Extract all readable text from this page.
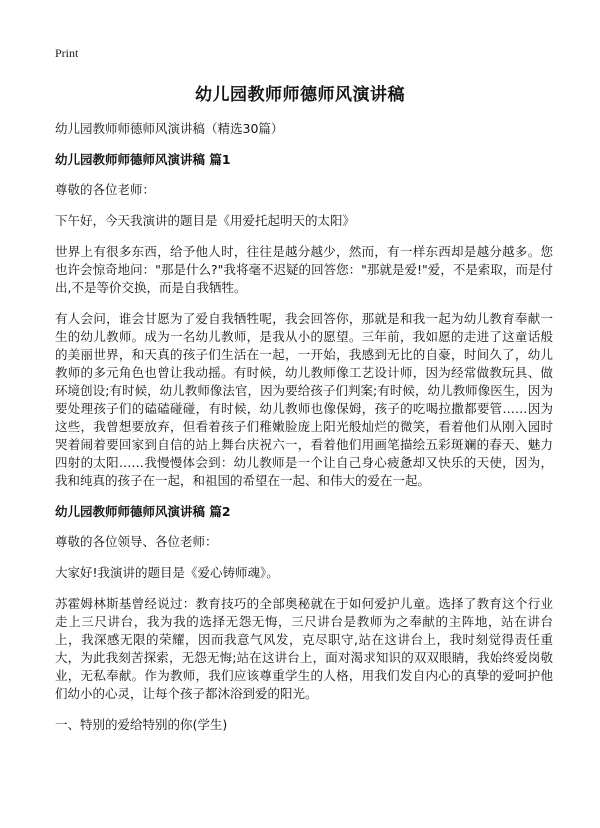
Print
幼儿园教师师德师风演讲稿

幼儿园教师师德师风演讲稿（精选30篇）

幼儿园教师师德师风演讲稿 篇1

尊敬的各位老师：

下午好，今天我演讲的题目是《用爱托起明天的太阳》

世界上有很多东西，给予他人时，往往是越分越少，然而，有一样东西却是越分越多。您也许会惊奇地问："那是什么?"我将毫不迟疑的回答您："那就是爱!"爱，不是索取，而是付出,不是等价交换，而是自我牺牲。

有人会问，谁会甘愿为了爱自我牺牲呢，我会回答你，那就是和我一起为幼儿教育奉献一生的幼儿教师。成为一名幼儿教师，是我从小的愿望。三年前，我如愿的走进了这童话般的美丽世界，和天真的孩子们生活在一起，一开始，我感到无比的自豪，时间久了，幼儿教师的多元角色也曾让我动摇。有时候，幼儿教师像工艺设计师，因为经常做教玩具、做环境创设;有时候，幼儿教师像法官，因为要给孩子们判案;有时候，幼儿教师像医生，因为要处理孩子们的磕磕碰碰，有时候，幼儿教师也像保姆，孩子的吃喝拉撒都要管……因为这些，我曾想要放弃，但看着孩子们稚嫩脸庞上阳光般灿烂的微笑，看着他们从刚入园时哭着闹着要回家到自信的站上舞台庆祝六一，看着他们用画笔描绘五彩斑斓的春天、魅力四射的太阳……我慢慢体会到：幼儿教师是一个让自己身心疲惫却又快乐的天使，因为，我和纯真的孩子在一起，和祖国的希望在一起、和伟大的爱在一起。

幼儿园教师师德师风演讲稿 篇2

尊敬的各位领导、各位老师：

大家好!我演讲的题目是《爱心铸师魂》。

苏霍姆林斯基曾经说过：教育技巧的全部奥秘就在于如何爱护儿童。选择了教育这个行业走上三尺讲台，我为我的选择无怨无悔，三尺讲台是教师为之奉献的主阵地，站在讲台上，我深感无限的荣耀，因而我意气风发，克尽职守,站在这讲台上，我时刻觉得责任重大，为此我刻苦探索，无怨无悔;站在这讲台上，面对渴求知识的双双眼睛，我始终爱岗敬业，无私奉献。作为教师，我们应该尊重学生的人格，用我们发自内心的真挚的爱呵护他们幼小的心灵，让每个孩子都沐浴到爱的阳光。

一、特别的爱给特别的你(学生)
